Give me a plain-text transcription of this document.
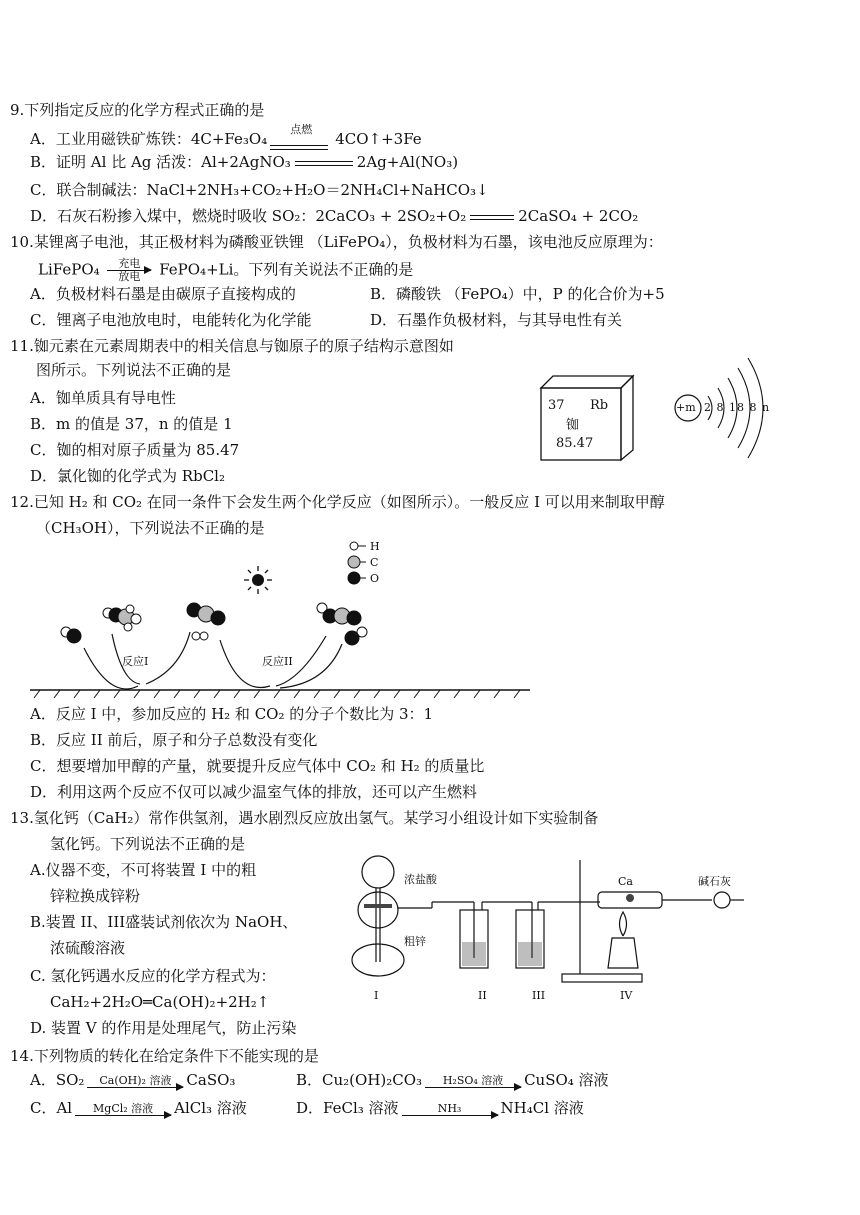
9.下列指定反应的化学方程式正确的是
A．工业用磁铁矿炼铁：4C+Fe₃O₄
点燃
4CO↑+3Fe
B．证明 Al 比 Ag 活泼：Al+2AgNO₃	2Ag+Al(NO₃)
C．联合制碱法：NaCl+2NH₃+CO₂+H₂O＝2NH₄Cl+NaHCO₃↓
D．石灰石粉掺入煤中，燃烧时吸收 SO₂：2CaCO₃ + 2SO₂+O₂	2CaSO₄ + 2CO₂
10.某锂离子电池，其正极材料为磷酸亚铁锂 （LiFePO₄），负极材料为石墨，该电池反应原理为：
LiFePO₄	充电
放电	FePO₄+Li。下列有关说法不正确的是
A．负极材料石墨是由碳原子直接构成的	B．磷酸铁 （FePO₄）中，P 的化合价为+5
C．锂离子电池放电时，电能转化为化学能	D．石墨作负极材料，与其导电性有关
11.铷元素在元素周期表中的相关信息与铷原子的原子结构示意图如
图所示。下列说法不正确的是
A．铷单质具有导电性
B．m 的值是 37，n 的值是 1
C．铷的相对原子质量为 85.47
D．氯化铷的化学式为 RbCl₂
37 Rb
铷
85.47
+m 2 8 18 8 n
12.已知 H₂ 和 CO₂ 在同一条件下会发生两个化学反应（如图所示）。一般反应 I 可以用来制取甲醇
（CH₃OH），下列说法不正确的是
H
C
O
反应I	反应II
A．反应 I 中，参加反应的 H₂ 和 CO₂ 的分子个数比为 3：1
B．反应 II 前后，原子和分子总数没有变化
C．想要增加甲醇的产量，就要提升反应气体中 CO₂ 和 H₂ 的质量比
D．利用这两个反应不仅可以减少温室气体的排放，还可以产生燃料
13.氢化钙（CaH₂）常作供氢剂，遇水剧烈反应放出氢气。某学习小组设计如下实验制备
氢化钙。下列说法不正确的是
A.仪器不变，不可将装置 I 中的粗
锌粒换成锌粉
B.装置 II、III盛装试剂依次为 NaOH、
浓硫酸溶液
C. 氢化钙遇水反应的化学方程式为：
CaH₂+2H₂O═Ca(OH)₂+2H₂↑
D. 装置 V 的作用是处理尾气，防止污染
浓盐酸
粗锌
Ca	碱石灰
I	II	III	IV
14.下列物质的转化在给定条件下不能实现的是
A．SO₂	Ca(OH)₂ 溶液 CaSO₃	B．Cu₂(OH)₂CO₃	H₂SO₄ 溶液	CuSO₄ 溶液
C．Al	MgCl₂ 溶液	AlCl₃ 溶液	D．FeCl₃ 溶液	NH₃	NH₄Cl 溶液
